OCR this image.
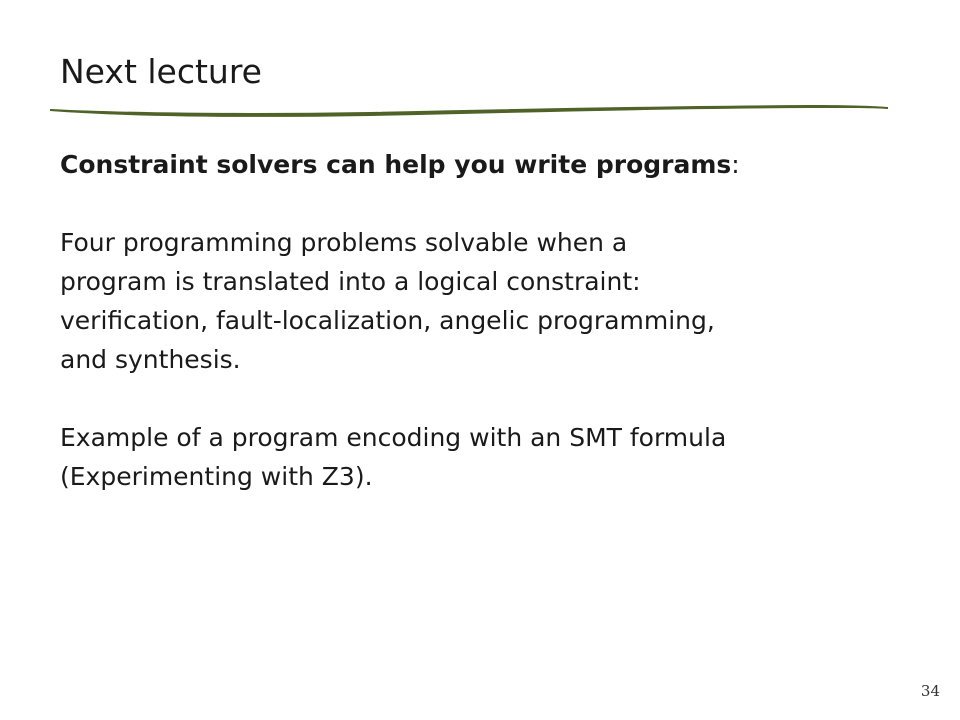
Next lecture

Constraint solvers can help you write programs:

Four programming problems solvable when a

program is translated into a logical constraint:

verification, fault-localization, angelic programming,

and synthesis.

Example of a program encoding with an SMT formula

(Experimenting with Z3).

34
